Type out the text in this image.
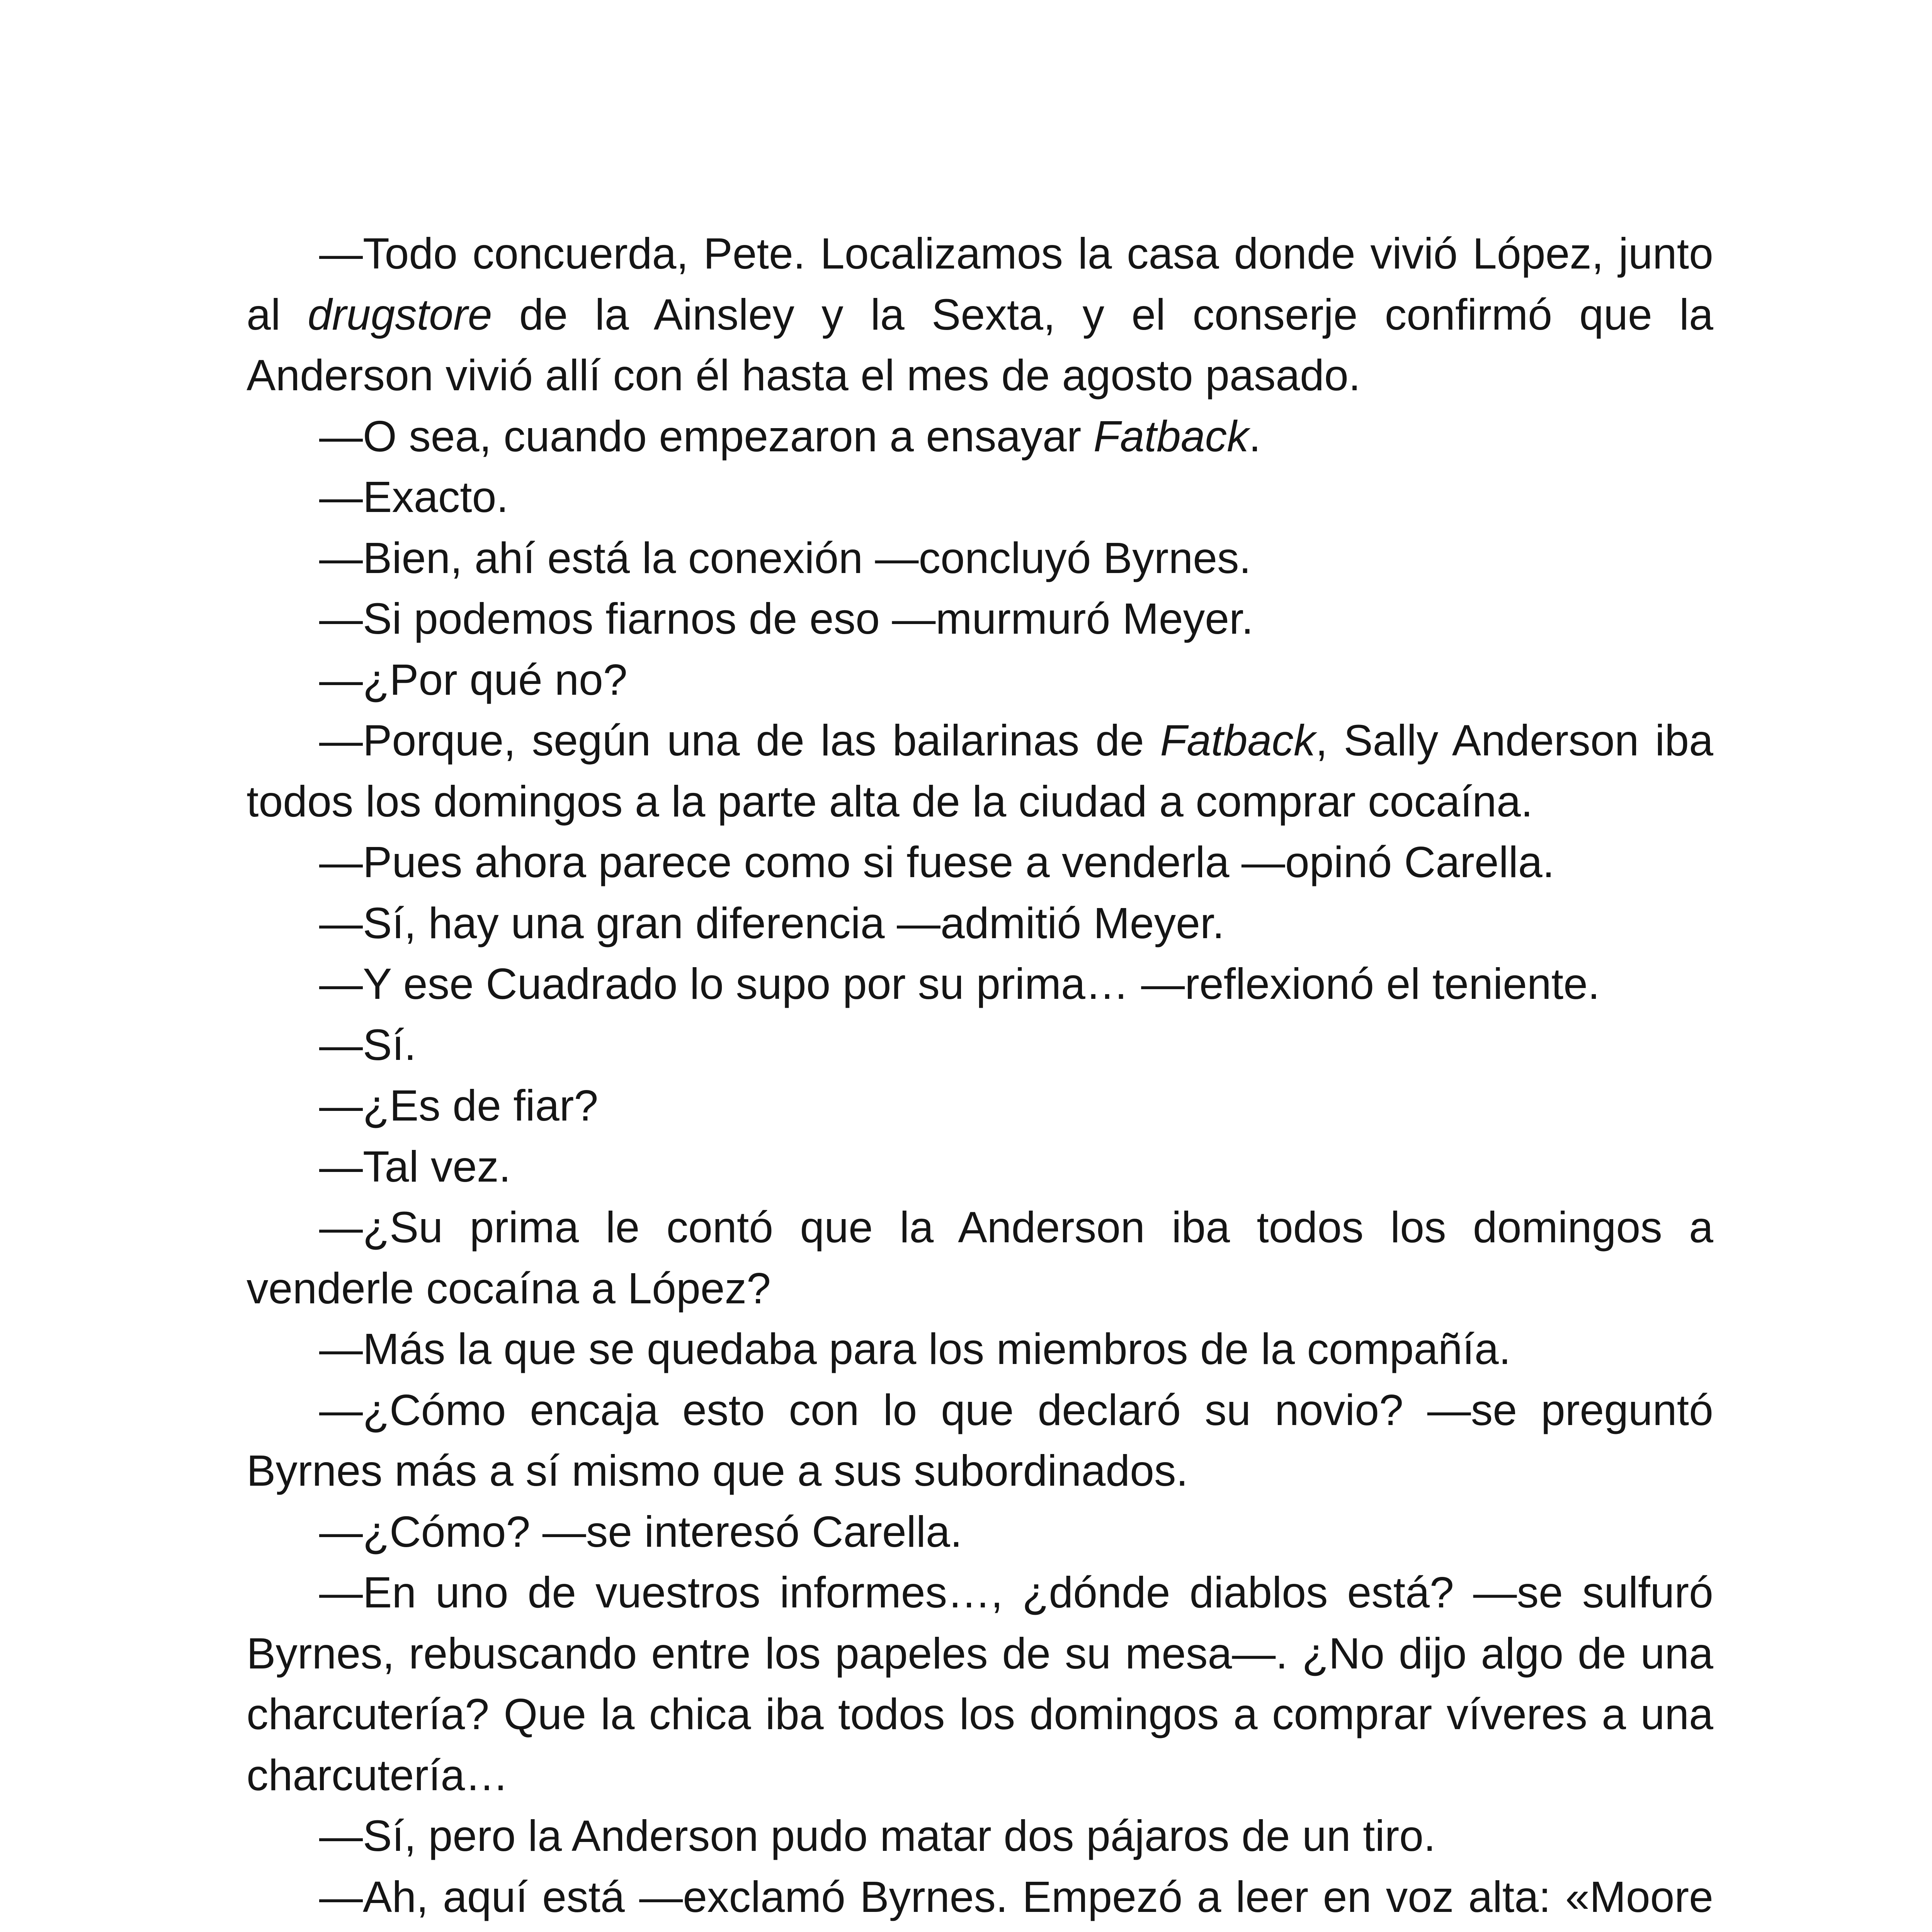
—Todo concuerda, Pete. Localizamos la casa donde vivió López, junto al drugstore de la Ainsley y la Sexta, y el conserje confirmó que la Anderson vivió allí con él hasta el mes de agosto pasado.

—O sea, cuando empezaron a ensayar Fatback.

—Exacto.

—Bien, ahí está la conexión —concluyó Byrnes.

—Si podemos fiarnos de eso —murmuró Meyer.

—¿Por qué no?

—Porque, según una de las bailarinas de Fatback, Sally Anderson iba todos los domingos a la parte alta de la ciudad a comprar cocaína.

—Pues ahora parece como si fuese a venderla —opinó Carella.

—Sí, hay una gran diferencia —admitió Meyer.

—Y ese Cuadrado lo supo por su prima… —reflexionó el teniente.

—Sí.

—¿Es de fiar?

—Tal vez.

—¿Su prima le contó que la Anderson iba todos los domingos a venderle cocaína a López?

—Más la que se quedaba para los miembros de la compañía.

—¿Cómo encaja esto con lo que declaró su novio? —se preguntó Byrnes más a sí mismo que a sus subordinados.

—¿Cómo? —se interesó Carella.

—En uno de vuestros informes…, ¿dónde diablos está? —se sulfuró Byrnes, rebuscando entre los papeles de su mesa—. ¿No dijo algo de una charcutería? Que la chica iba todos los domingos a comprar víveres a una charcutería…

—Sí, pero la Anderson pudo matar dos pájaros de un tiro.

—Ah, aquí está —exclamó Byrnes. Empezó a leer en voz alta: «Moore
